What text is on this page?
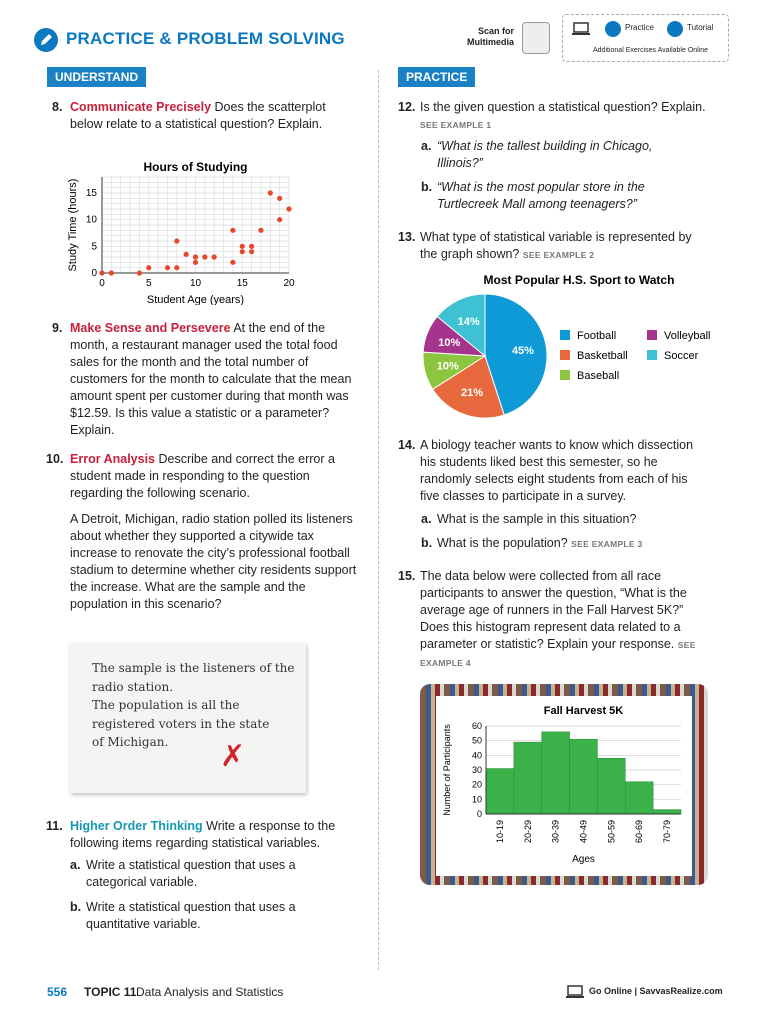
PRACTICE & PROBLEM SOLVING	Scan for Multimedia
Practice	Tutorial
Additional Exercises Available Online
UNDERSTAND
8. Communicate Precisely Does the scatterplot below relate to a statistical question? Explain.
Hours of Studying
0	5	10	15	20
0
5
10
15
Student Age (years)
Study Time (hours)
9. Make Sense and Persevere At the end of the month, a restaurant manager used the total food sales for the month and the total number of customers for the month to calculate that the mean amount spent per customer during that month was $12.59. Is this value a statistic or a parameter? Explain.
10. Error Analysis Describe and correct the error a student made in responding to the question regarding the following scenario.
A Detroit, Michigan, radio station polled its listeners about whether they supported a citywide tax increase to renovate the city’s professional football stadium to determine whether city residents support the increase. What are the sample and the population in this scenario?
The sample is the listeners of the
radio station.
The population is all the
registered voters in the state
of Michigan.	✗
11. Higher Order Thinking Write a response to the following items regarding statistical variables.
a. Write a statistical question that uses a categorical variable.
b. Write a statistical question that uses a quantitative variable.
PRACTICE
12. Is the given question a statistical question? Explain. SEE EXAMPLE 1
a. “What is the tallest building in Chicago, Illinois?”
b. “What is the most popular store in the Turtlecreek Mall among teenagers?”
13. What type of statistical variable is represented by the graph shown? SEE EXAMPLE 2
Most Popular H.S. Sport to Watch
45%
21%
10%
10%
14%
Football
Basketball
Baseball
Volleyball
Soccer
14. A biology teacher wants to know which dissection his students liked best this semester, so he randomly selects eight students from each of his five classes to participate in a survey.
a. What is the sample in this situation?
b. What is the population? SEE EXAMPLE 3
15. The data below were collected from all race participants to answer the question, “What is the average age of runners in the Fall Harvest 5K?” Does this histogram represent data related to a parameter or statistic? Explain your response. SEE EXAMPLE 4
Fall Harvest 5K
0
10
20
30
40
50
60
10-19 20-29 30-39 40-49 50-59 60-69 70-79
Ages
Number of Participants
556 TOPIC 11 Data Analysis and Statistics	Go Online | SavvasRealize.com
